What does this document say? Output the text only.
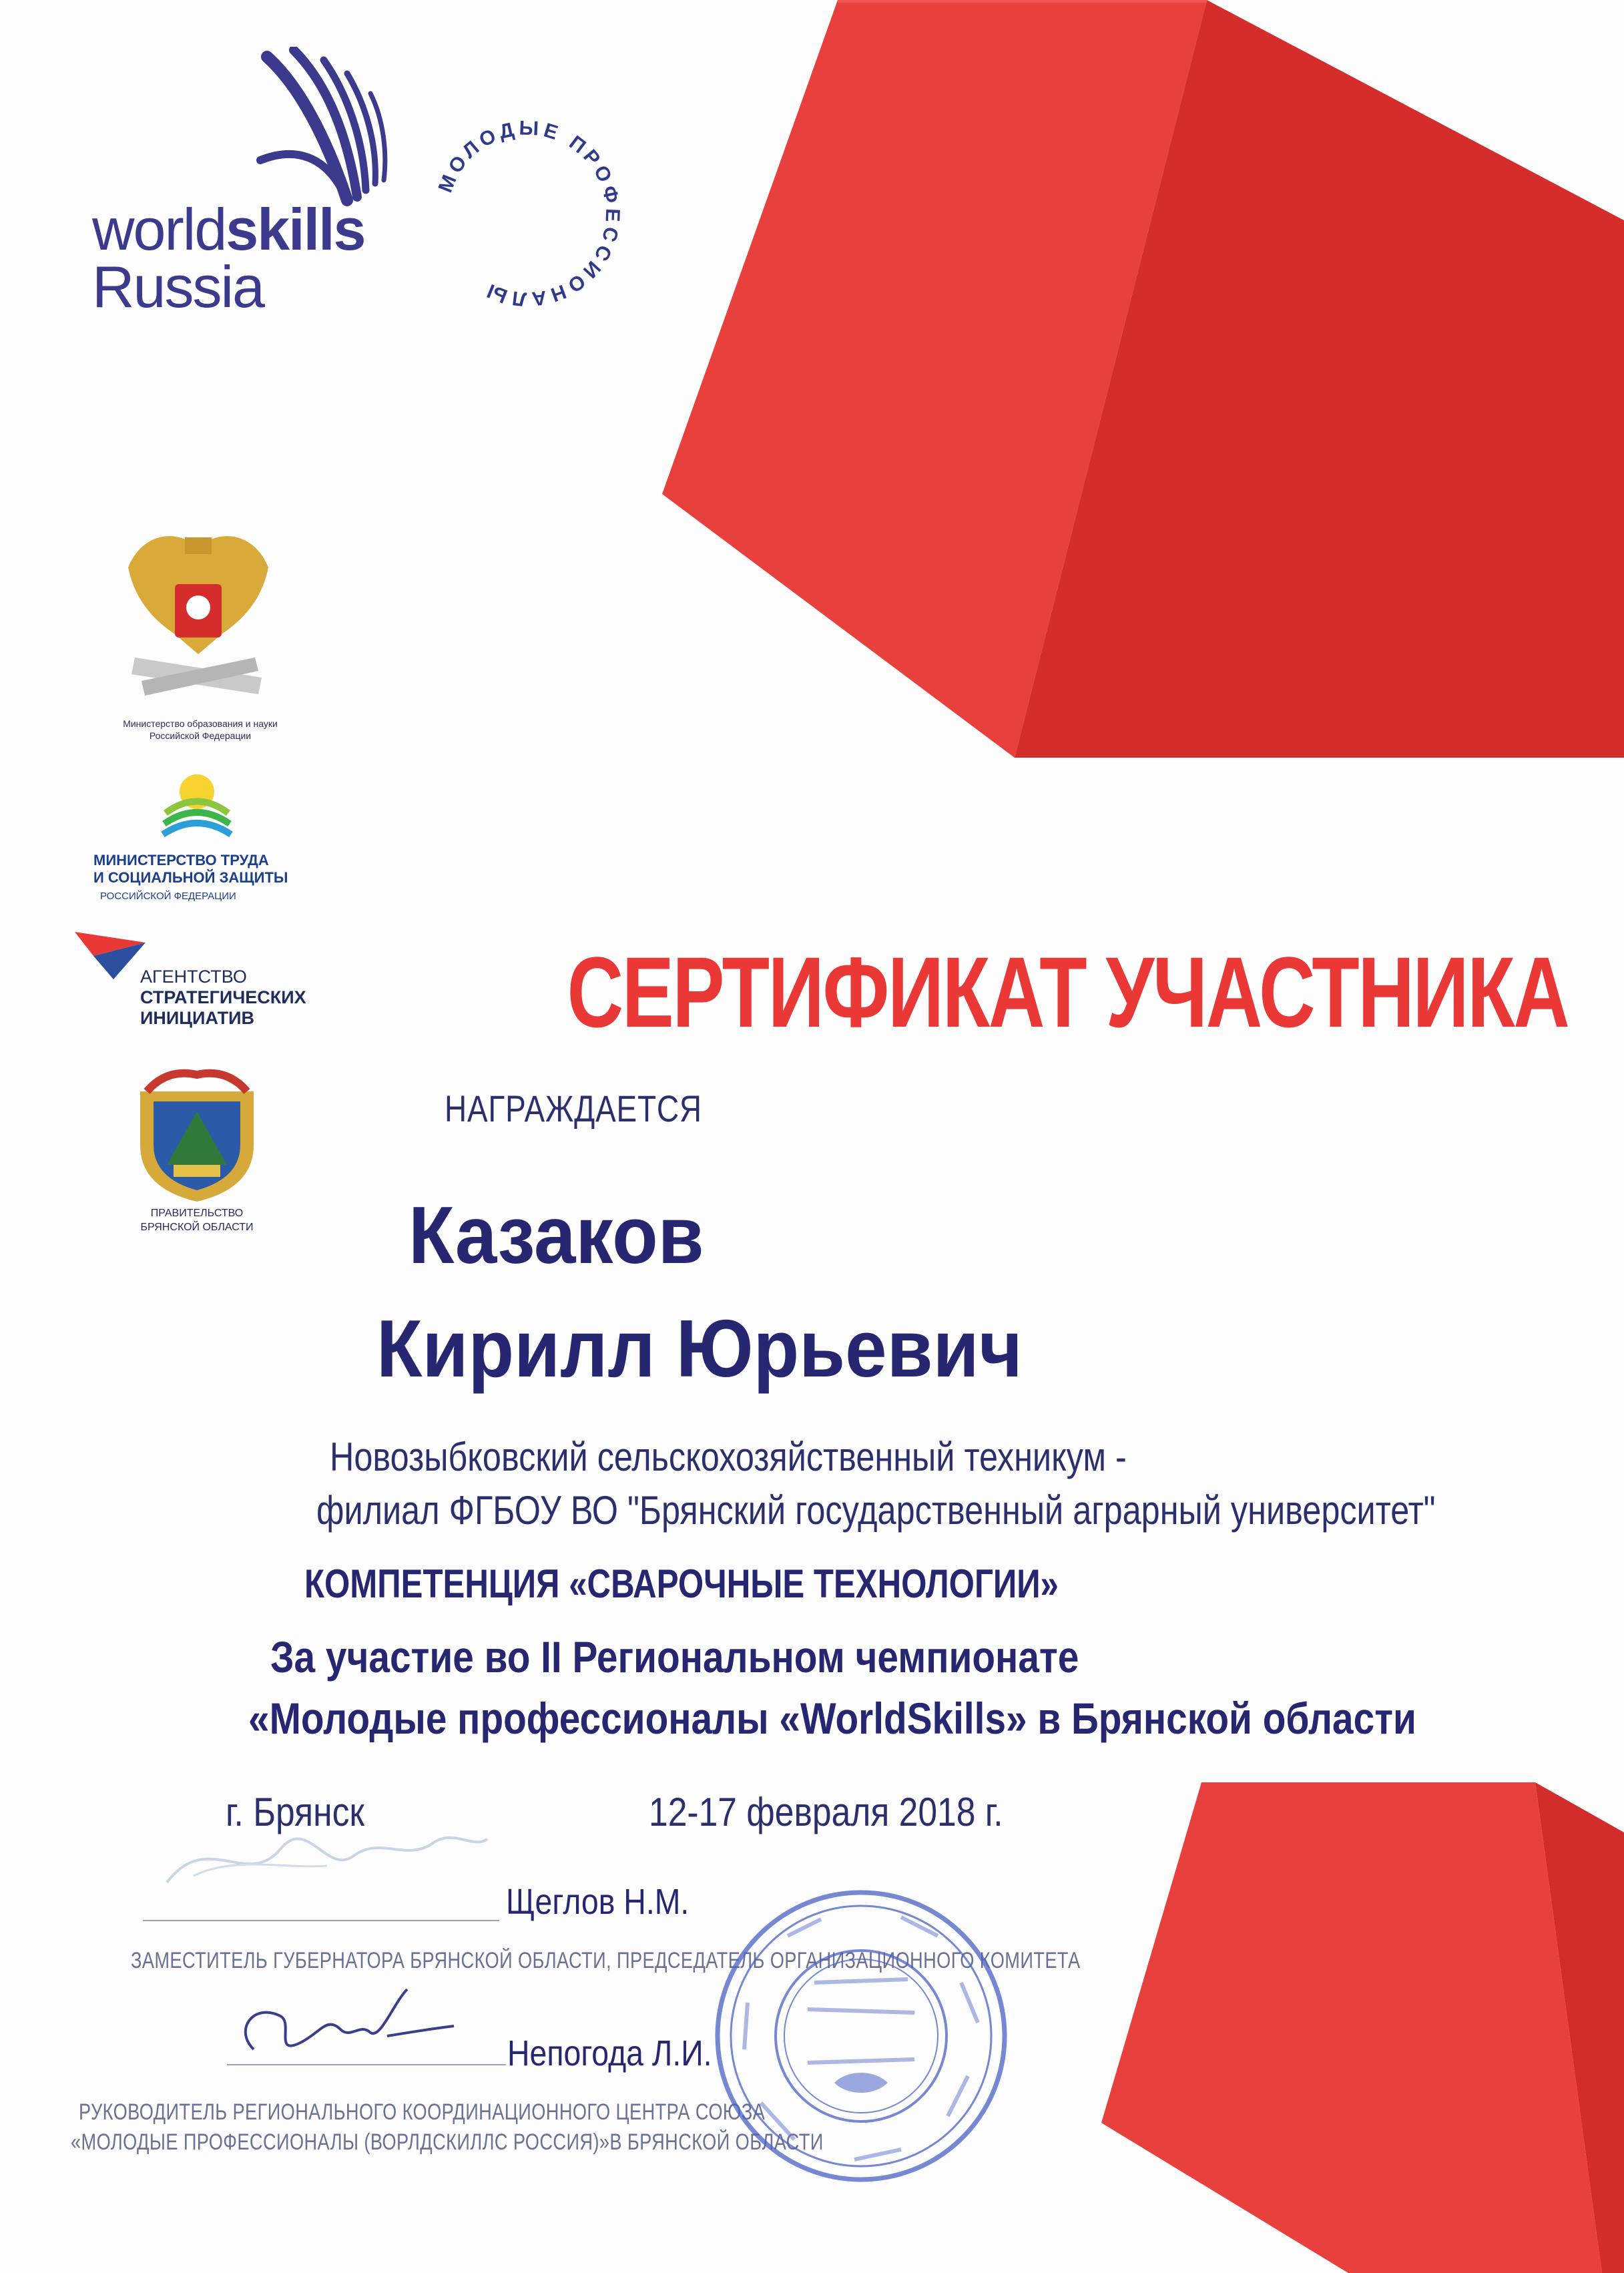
worldskills
Russia
МОЛОДЫЕ ПРОФЕССИОНАЛЫ
Министерство образования и науки
Российской Федерации
МИНИСТЕРСТВО ТРУДА
И СОЦИАЛЬНОЙ ЗАЩИТЫ
РОССИЙСКОЙ ФЕДЕРАЦИИ
АГЕНТСТВО
СТРАТЕГИЧЕСКИХ
ИНИЦИАТИВ
ПРАВИТЕЛЬСТВО
БРЯНСКОЙ ОБЛАСТИ
СЕРТИФИКАТ УЧАСТНИКА
НАГРАЖДАЕТСЯ
Казаков
Кирилл Юрьевич
Новозыбковский сельскохозяйственный техникум -
филиал ФГБОУ ВО "Брянский государственный аграрный университет"
КОМПЕТЕНЦИЯ «СВАРОЧНЫЕ ТЕХНОЛОГИИ»
За участие во II Региональном чемпионате
«Молодые профессионалы «WorldSkills» в Брянской области
г. Брянск	12-17 февраля 2018 г.
Щеглов Н.М.
ЗАМЕСТИТЕЛЬ ГУБЕРНАТОРА БРЯНСКОЙ ОБЛАСТИ, ПРЕДСЕДАТЕЛЬ ОРГАНИЗАЦИОННОГО КОМИТЕТА
Непогода Л.И.
РУКОВОДИТЕЛЬ РЕГИОНАЛЬНОГО КООРДИНАЦИОННОГО ЦЕНТРА СОЮЗА
«МОЛОДЫЕ ПРОФЕССИОНАЛЫ (ВОРЛДСКИЛЛС РОССИЯ)»В БРЯНСКОЙ ОБЛАСТИ
